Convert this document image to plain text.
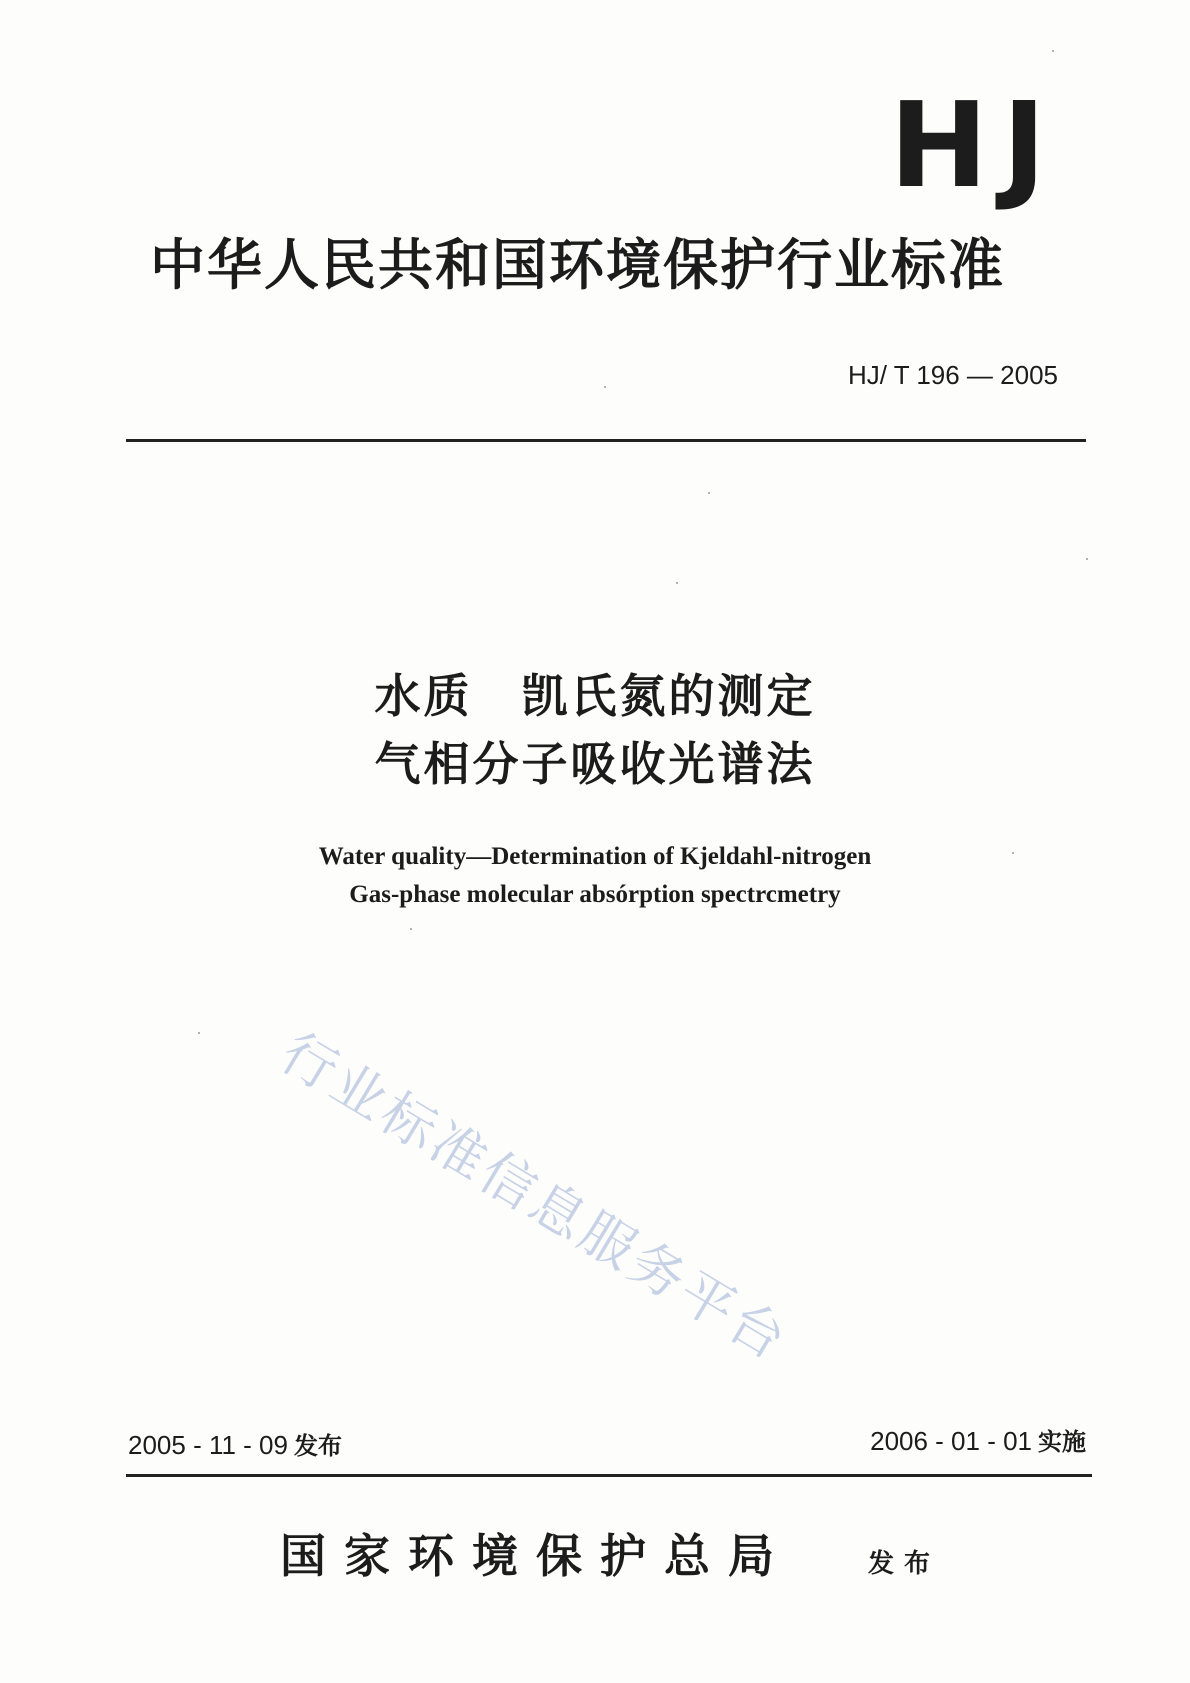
HJ
中华人民共和国环境保护行业标准
HJ/ T 196 — 2005
水质　凯氏氮的测定
气相分子吸收光谱法
Water quality—Determination of Kjeldahl-nitrogen
Gas-phase molecular absórption spectrcmetry
行业标准信息服务平台
2005 - 11 - 09 发布	2006 - 01 - 01 实施
国家环境保护总局	发布
